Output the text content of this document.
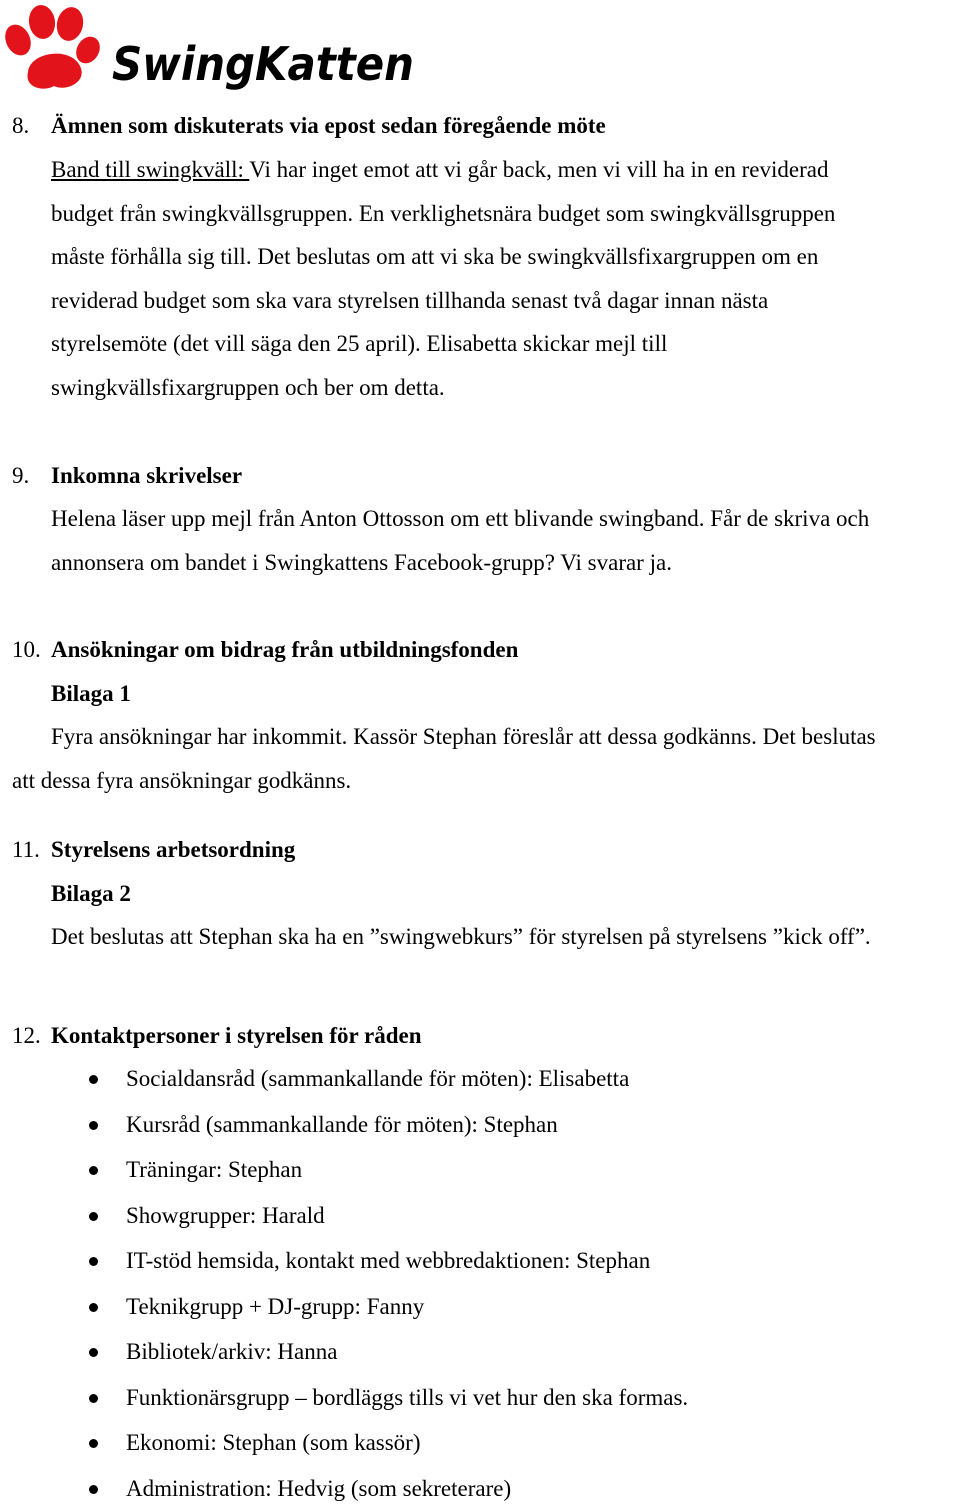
SwingKatten
8. Ämnen som diskuterats via epost sedan föregående möte
Band till swingkväll: Vi har inget emot att vi går back, men vi vill ha in en reviderad
budget från swingkvällsgruppen. En verklighetsnära budget som swingkvällsgruppen
måste förhålla sig till. Det beslutas om att vi ska be swingkvällsfixargruppen om en
reviderad budget som ska vara styrelsen tillhanda senast två dagar innan nästa
styrelsemöte (det vill säga den 25 april). Elisabetta skickar mejl till
swingkvällsfixargruppen och ber om detta.
9. Inkomna skrivelser
Helena läser upp mejl från Anton Ottosson om ett blivande swingband. Får de skriva och
annonsera om bandet i Swingkattens Facebook-grupp? Vi svarar ja.
10. Ansökningar om bidrag från utbildningsfonden
Bilaga 1
Fyra ansökningar har inkommit. Kassör Stephan föreslår att dessa godkänns. Det beslutas
att dessa fyra ansökningar godkänns.
11. Styrelsens arbetsordning
Bilaga 2
Det beslutas att Stephan ska ha en ”swingwebkurs” för styrelsen på styrelsens ”kick off”.
12. Kontaktpersoner i styrelsen för råden
Socialdansråd (sammankallande för möten): Elisabetta
Kursråd (sammankallande för möten): Stephan
Träningar: Stephan
Showgrupper: Harald
IT-stöd hemsida, kontakt med webbredaktionen: Stephan
Teknikgrupp + DJ-grupp: Fanny
Bibliotek/arkiv: Hanna
Funktionärsgrupp – bordläggs tills vi vet hur den ska formas.
Ekonomi: Stephan (som kassör)
Administration: Hedvig (som sekreterare)
